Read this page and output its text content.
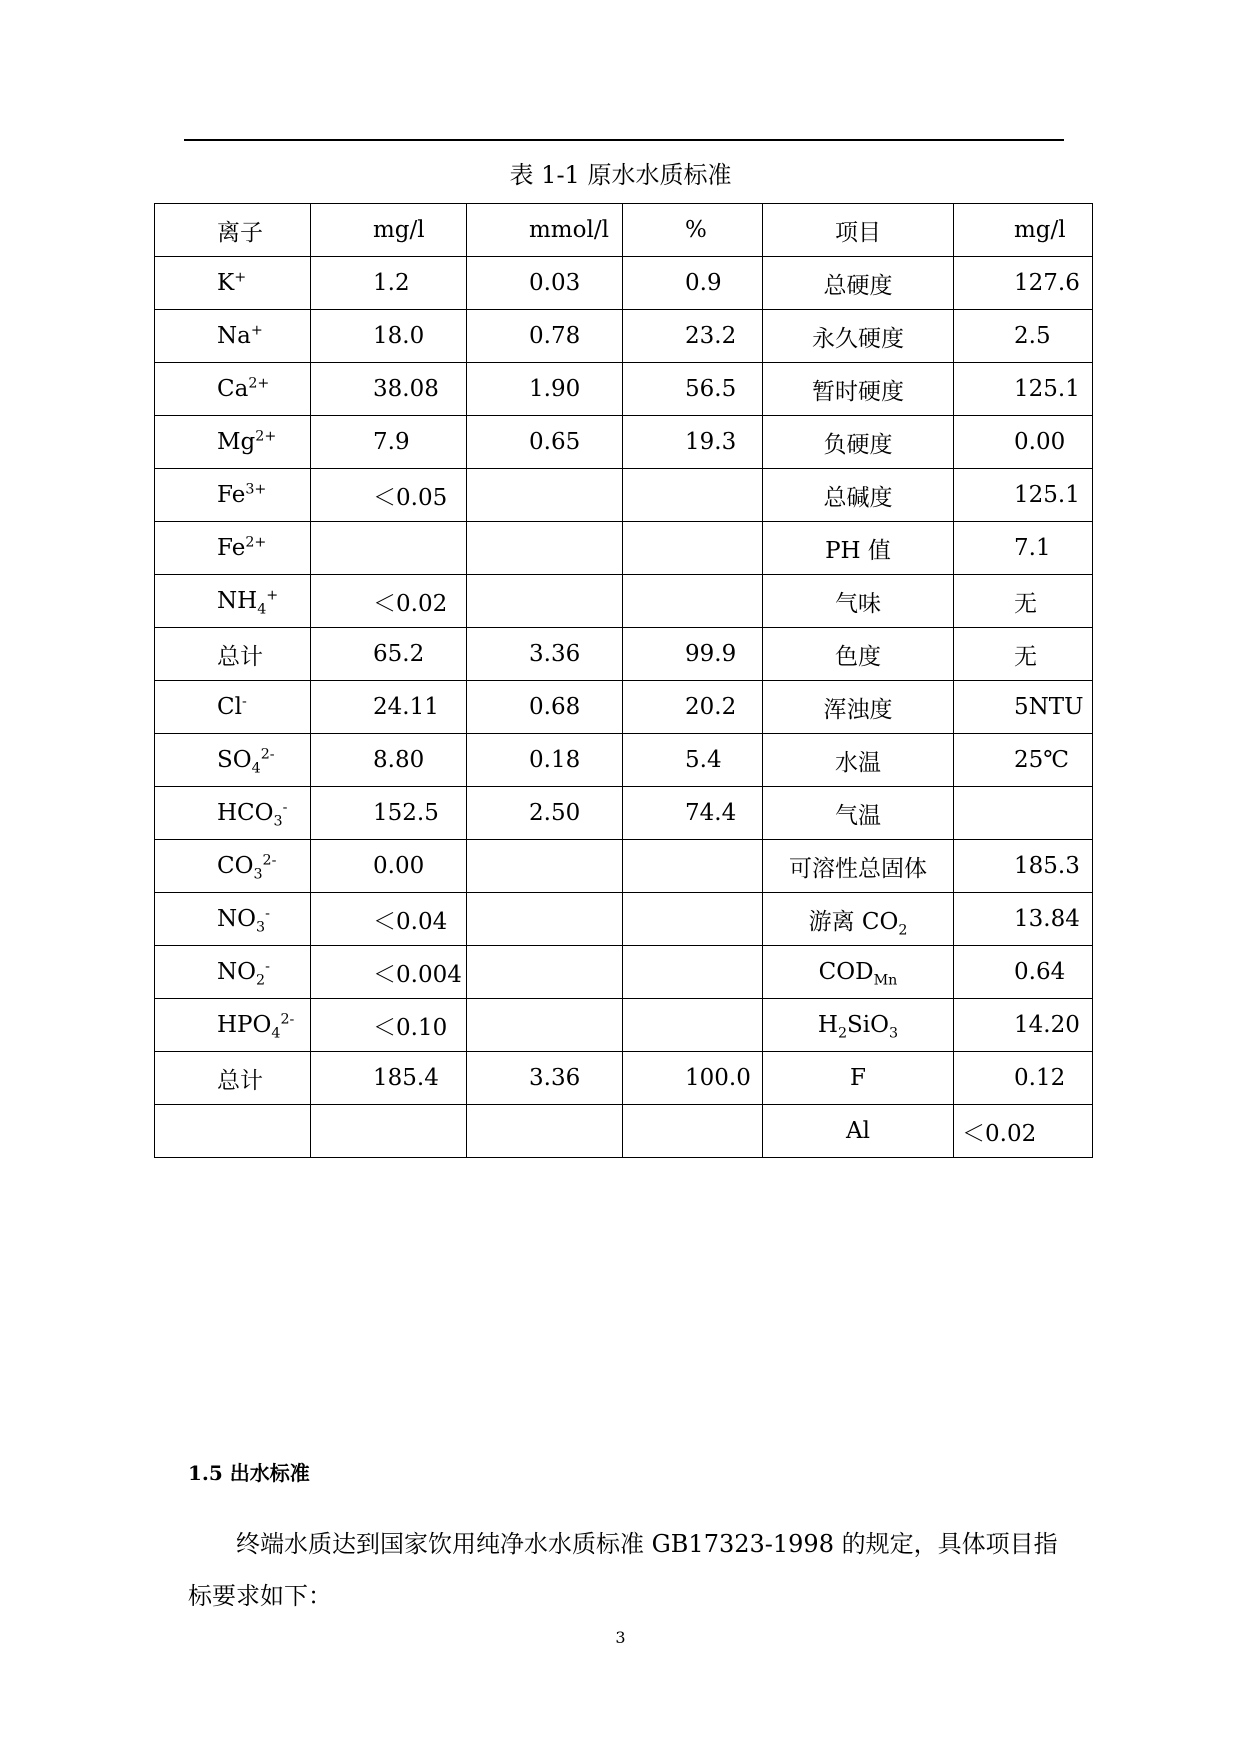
表 1-1 原水水质标准
离子	mg/l	mmol/l	%	项目	mg/l
K+	1.2	0.03	0.9	总硬度	127.6
Na+	18.0	0.78	23.2	永久硬度	2.5
$Ca^{2+}$	38.08	1.90	56.5	暂时硬度	125.1
$Mg^{2+}$	7.9	0.65	19.3	负硬度	0.00
$Fe^{3+}$	＜0.05			总碱度	125.1
$Fe^{2+}$				PH 值	7.1
$NH_4^+$	＜0.02			气味	无
总计	65.2	3.36	99.9	色度	无
Cl-	24.11	0.68	20.2	浑浊度	5NTU
$SO_4^{2-}$	8.80	0.18	5.4	水温	25℃
$HCO_3^-$	152.5	2.50	74.4	气温	
$CO_3^{2-}$	0.00			可溶性总固体	185.3
$NO_3^-$	＜0.04			游离 $CO_2$	13.84
$NO_2^-$	＜0.004			$COD_{Mn}$	0.64
$HPO_4^{2-}$	＜0.10			$H_2SiO_3$	14.20
总计	185.4	3.36	100.0	F	0.12
				Al	＜0.02
1.5 出水标准
终端水质达到国家饮用纯净水水质标准 GB17323-1998 的规定，具体项目指标要求如下：
3
